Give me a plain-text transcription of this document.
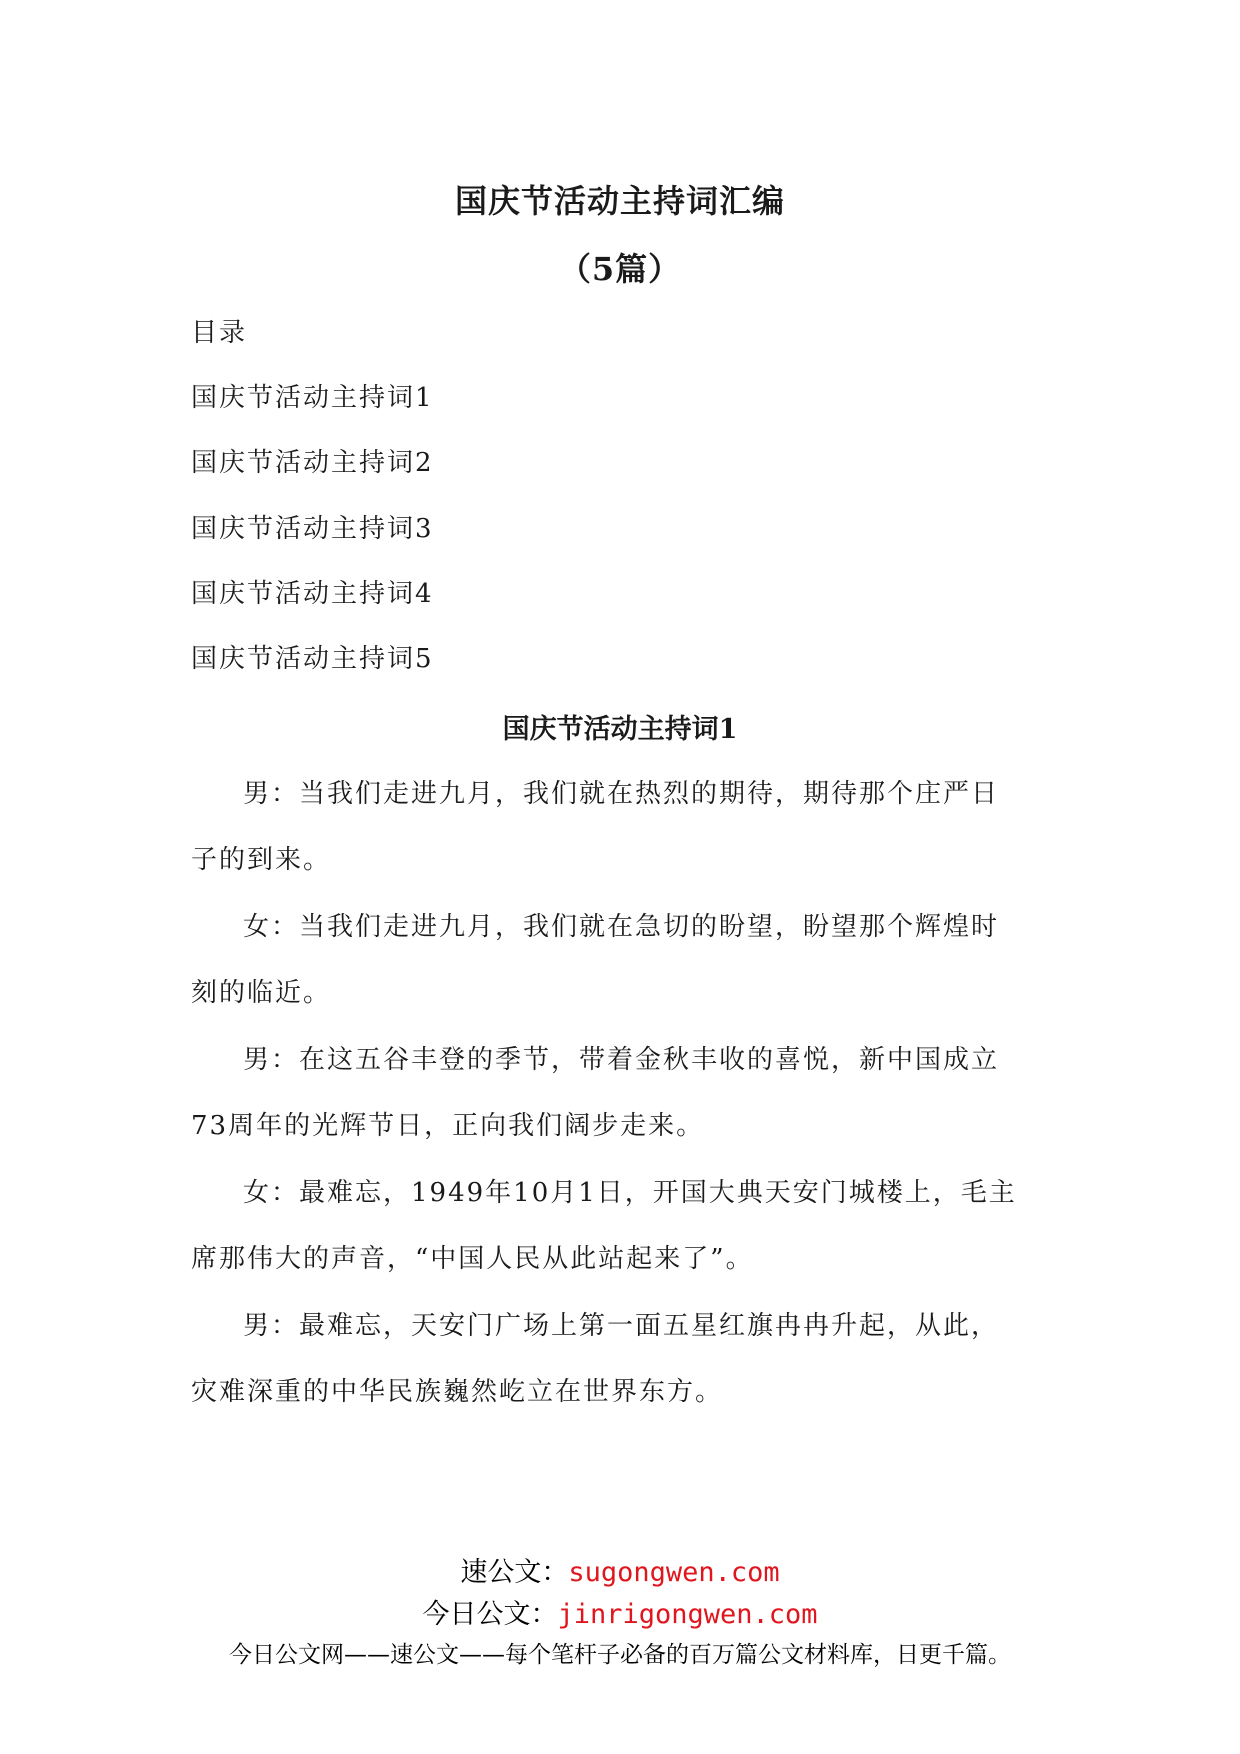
国庆节活动主持词汇编
（5篇）
目录
国庆节活动主持词1
国庆节活动主持词2
国庆节活动主持词3
国庆节活动主持词4
国庆节活动主持词5
国庆节活动主持词1
男：当我们走进九月，我们就在热烈的期待，期待那个庄严日
子的到来。
女：当我们走进九月，我们就在急切的盼望，盼望那个辉煌时
刻的临近。
男：在这五谷丰登的季节，带着金秋丰收的喜悦，新中国成立
73周年的光辉节日，正向我们阔步走来。
女：最难忘，1949年10月1日，开国大典天安门城楼上，毛主
席那伟大的声音，“中国人民从此站起来了”。
男：最难忘，天安门广场上第一面五星红旗冉冉升起，从此，
灾难深重的中华民族巍然屹立在世界东方。
速公文：sugongwen.com
今日公文：jinrigongwen.com
今日公文网——速公文——每个笔杆子必备的百万篇公文材料库，日更千篇。
